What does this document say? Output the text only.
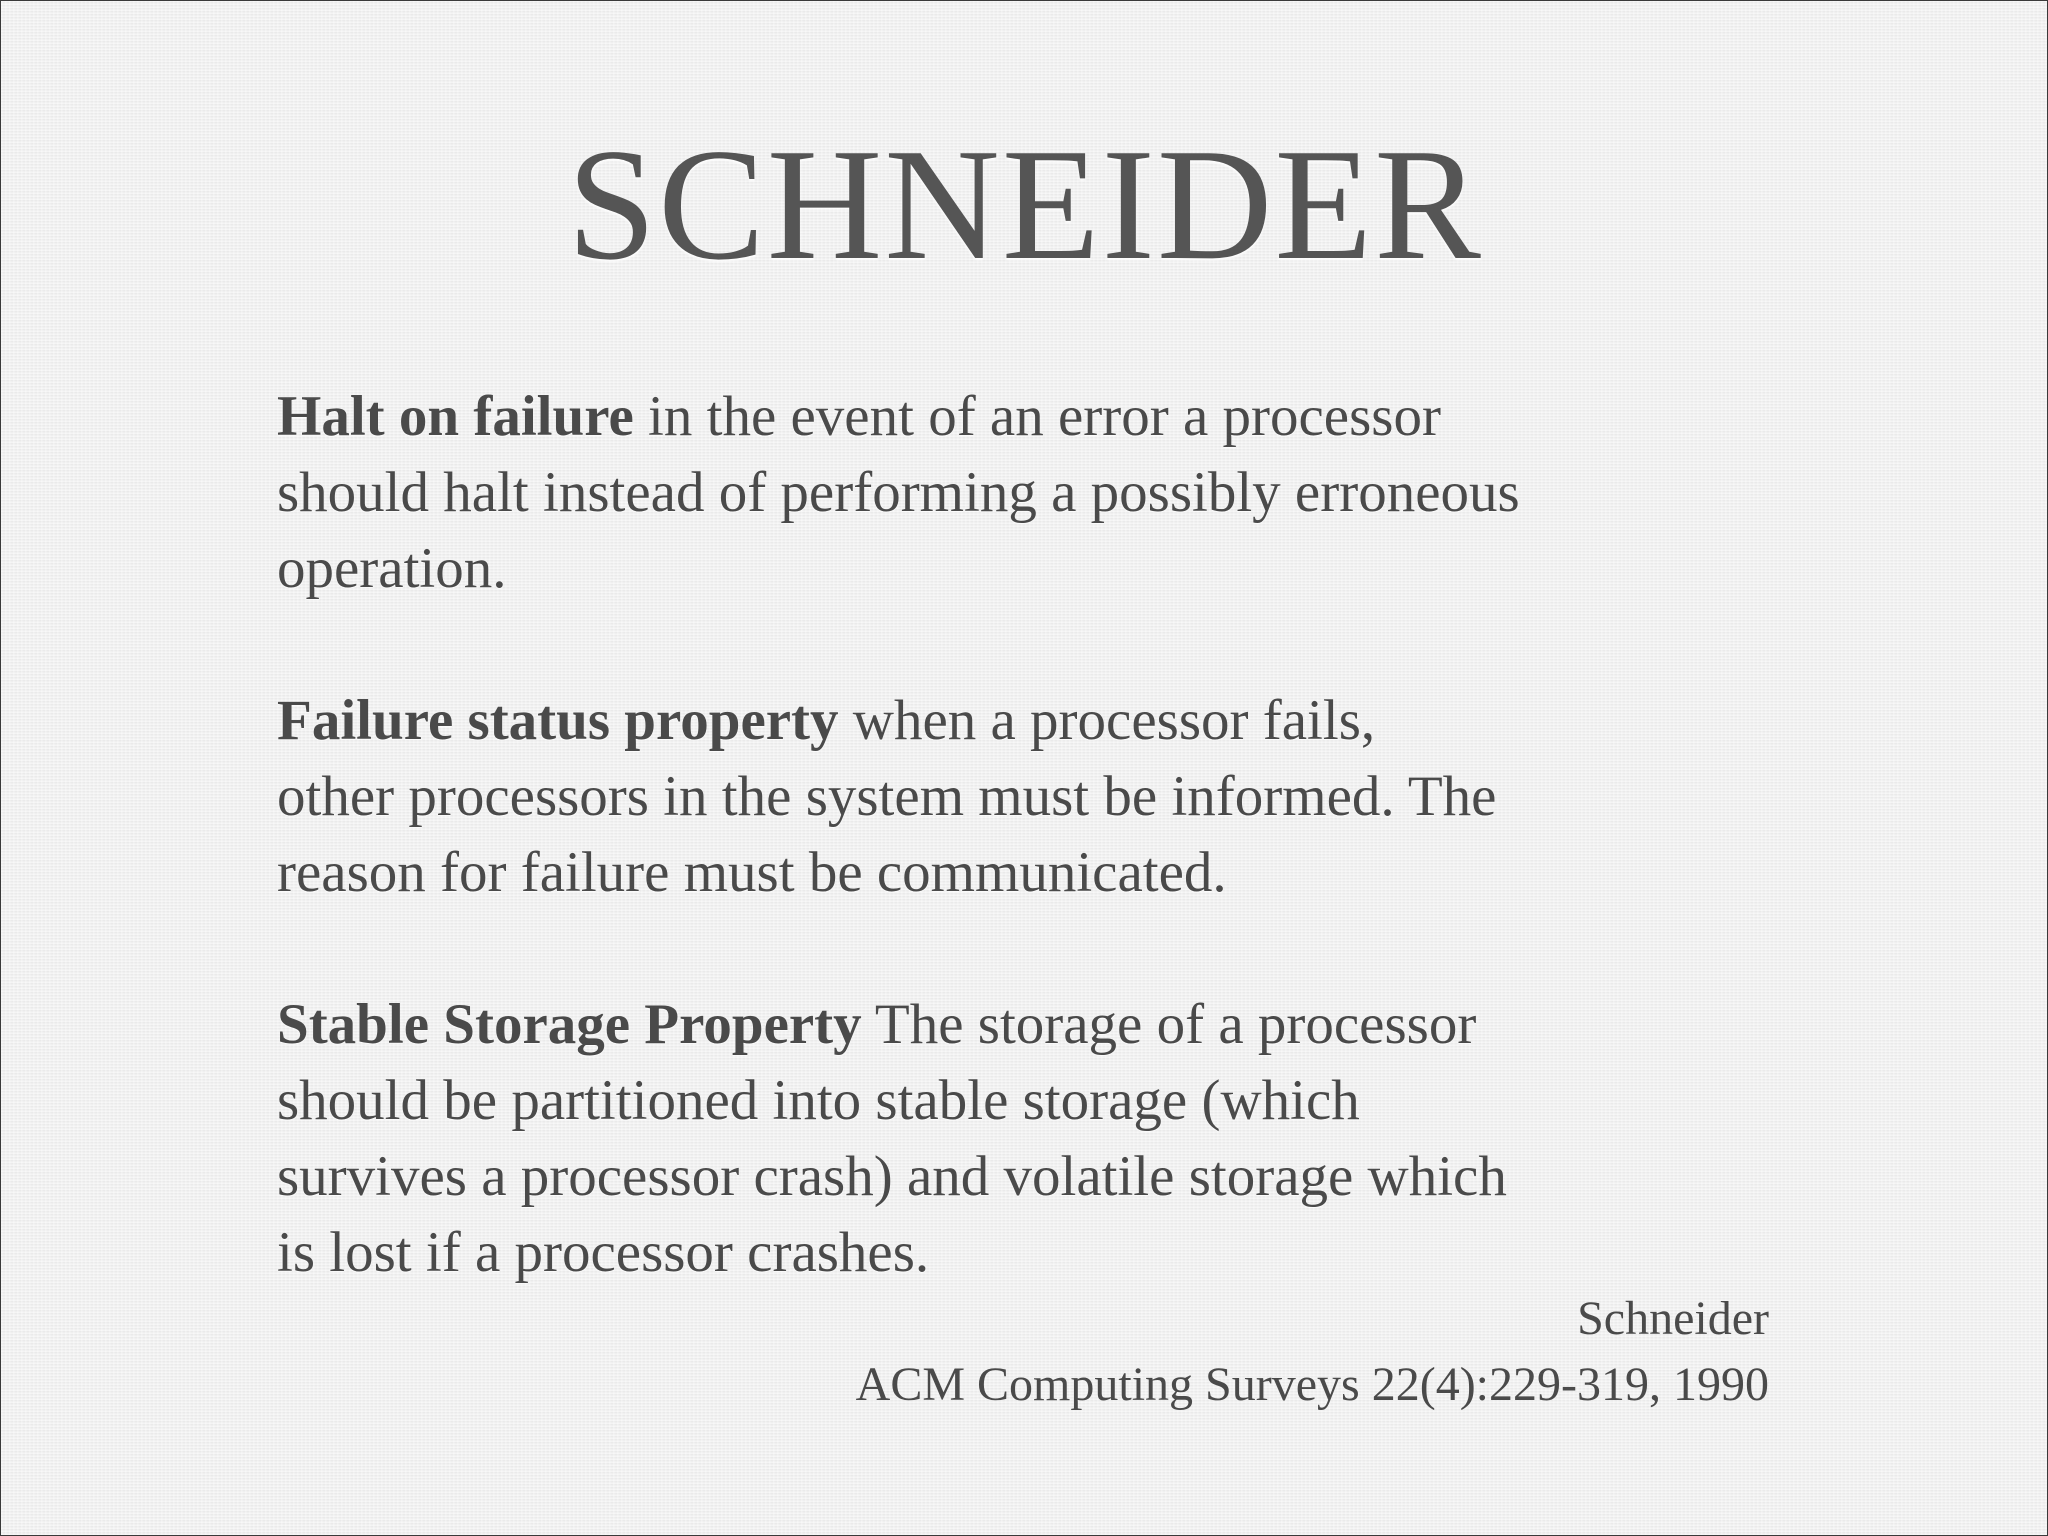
SCHNEIDER
Halt on failure in the event of an error a processor
should halt instead of performing a possibly erroneous
operation.
Failure status property when a processor fails,
other processors in the system must be informed. The
reason for failure must be communicated.
Stable Storage Property The storage of a processor
should be partitioned into stable storage (which
survives a processor crash) and volatile storage which
is lost if a processor crashes.
Schneider
ACM Computing Surveys 22(4):229-319, 1990
